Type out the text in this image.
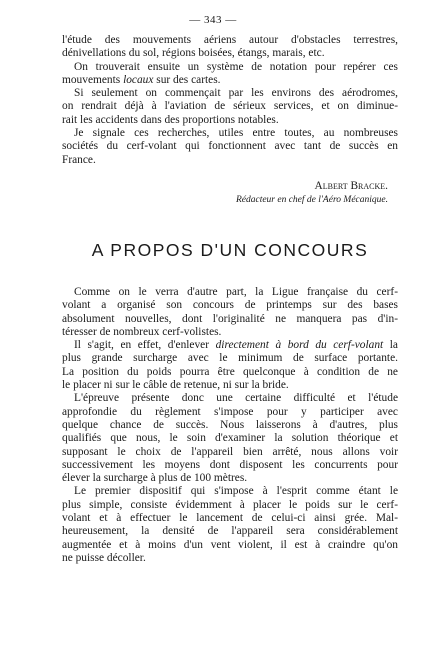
— 343 —
l'étude des mouvements aériens autour d'obstacles terrestres,
dénivellations du sol, régions boisées, étangs, marais, etc.
On trouverait ensuite un système de notation pour repérer ces
mouvements locaux sur des cartes.
Si seulement on commençait par les environs des aérodromes,
on rendrait déjà à l'aviation de sérieux services, et on diminue-
rait les accidents dans des proportions notables.
Je signale ces recherches, utiles entre toutes, au nombreuses
sociétés du cerf-volant qui fonctionnent avec tant de succès en
France.
Albert Bracke.
Rédacteur en chef de l'Aéro Mécanique.
A PROPOS D'UN CONCOURS
Comme on le verra d'autre part, la Ligue française du cerf-
volant a organisé son concours de printemps sur des bases
absolument nouvelles, dont l'originalité ne manquera pas d'in-
téresser de nombreux cerf-volistes.
Il s'agit, en effet, d'enlever directement à bord du cerf-volant la
plus grande surcharge avec le minimum de surface portante.
La position du poids pourra être quelconque à condition de ne
le placer ni sur le câble de retenue, ni sur la bride.
L'épreuve présente donc une certaine difficulté et l'étude
approfondie du règlement s'impose pour y participer avec
quelque chance de succès. Nous laisserons à d'autres, plus
qualifiés que nous, le soin d'examiner la solution théorique et
supposant le choix de l'appareil bien arrêté, nous allons voir
successivement les moyens dont disposent les concurrents pour
élever la surcharge à plus de 100 mètres.
Le premier dispositif qui s'impose à l'esprit comme étant le
plus simple, consiste évidemment à placer le poids sur le cerf-
volant et à effectuer le lancement de celui-ci ainsi grée. Mal-
heureusement, la densité de l'appareil sera considérablement
augmentée et à moins d'un vent violent, il est à craindre qu'on
ne puisse décoller.
